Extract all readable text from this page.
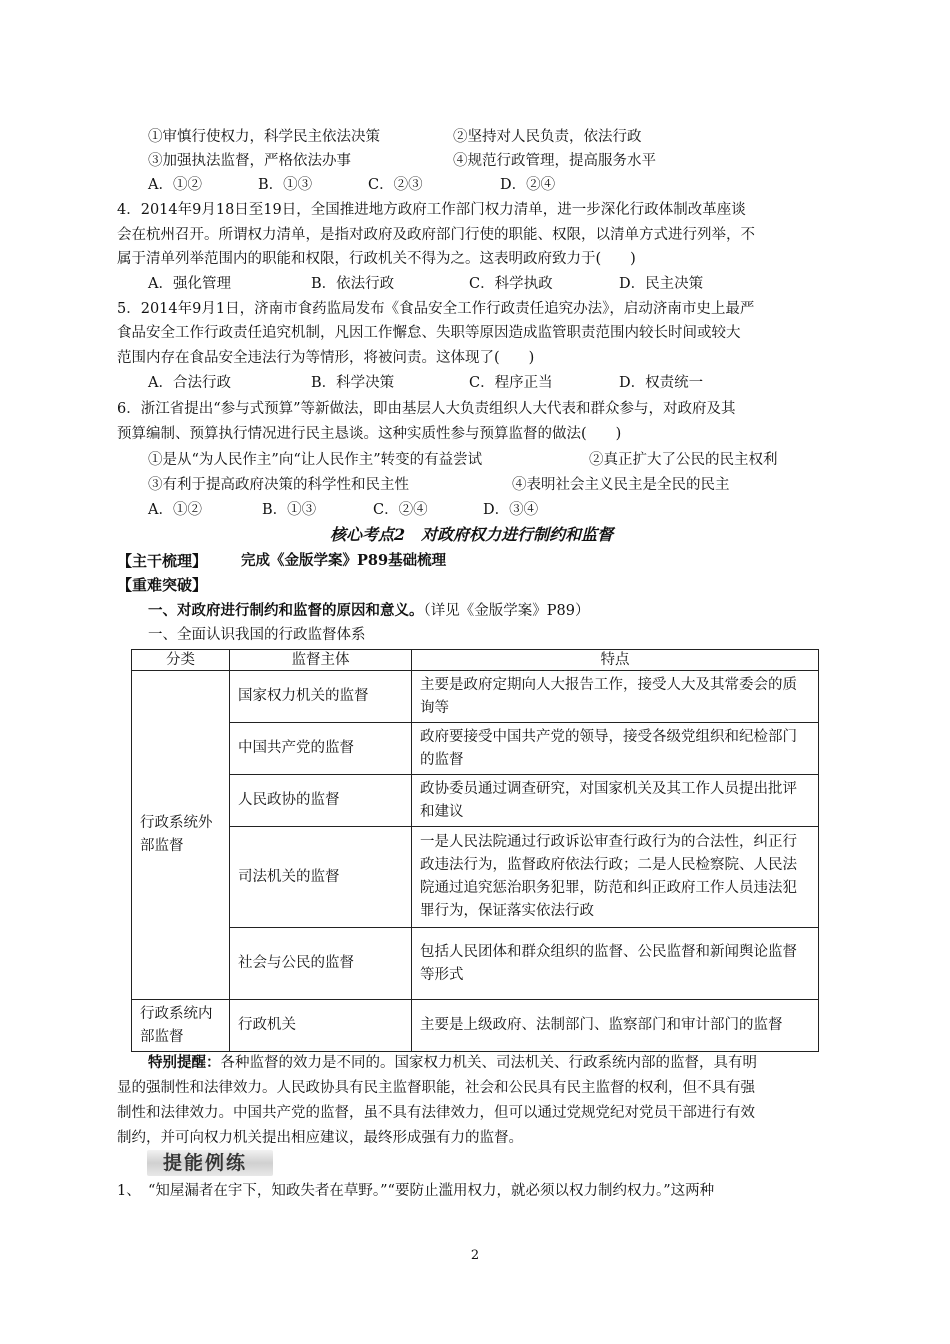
①审慎行使权力，科学民主依法决策	②坚持对人民负责，依法行政
③加强执法监督，严格依法办事	④规范行政管理，提高服务水平
A．①②	B．①③	C．②③	D．②④
4．2014年9月18日至19日，全国推进地方政府工作部门权力清单，进一步深化行政体制改革座谈
会在杭州召开。所谓权力清单，是指对政府及政府部门行使的职能、权限，以清单方式进行列举，不
属于清单列举范围内的职能和权限，行政机关不得为之。这表明政府致力于(　　)
A．强化管理	B．依法行政	C．科学执政	D．民主决策
5．2014年9月1日，济南市食药监局发布《食品安全工作行政责任追究办法》，启动济南市史上最严
食品安全工作行政责任追究机制，凡因工作懈怠、失职等原因造成监管职责范围内较长时间或较大
范围内存在食品安全违法行为等情形，将被问责。这体现了(　　)
A．合法行政	B．科学决策	C．程序正当	D．权责统一
6．浙江省提出“参与式预算”等新做法，即由基层人大负责组织人大代表和群众参与，对政府及其
预算编制、预算执行情况进行民主恳谈。这种实质性参与预算监督的做法(　　)
①是从“为人民作主”向“让人民作主”转变的有益尝试	②真正扩大了公民的民主权利
③有利于提高政府决策的科学性和民主性	④表明社会主义民主是全民的民主
A．①②	B．①③	C．②④	D．③④
核心考点2　对政府权力进行制约和监督
【主干梳理】 完成《金版学案》P89基础梳理
【重难突破】
一、对政府进行制约和监督的原因和意义。（详见《金版学案》P89）
一、全面认识我国的行政监督体系
分类	监督主体	特点
行政系统外部监督	国家权力机关的监督	主要是政府定期向人大报告工作，接受人大及其常委会的质询等
	中国共产党的监督	政府要接受中国共产党的领导，接受各级党组织和纪检部门的监督
	人民政协的监督	政协委员通过调查研究，对国家机关及其工作人员提出批评和建议
	司法机关的监督	一是人民法院通过行政诉讼审查行政行为的合法性，纠正行政违法行为，监督政府依法行政；二是人民检察院、人民法院通过追究惩治职务犯罪，防范和纠正政府工作人员违法犯罪行为，保证落实依法行政
	社会与公民的监督	包括人民团体和群众组织的监督、公民监督和新闻舆论监督等形式
行政系统内部监督	行政机关	主要是上级政府、法制部门、监察部门和审计部门的监督
特别提醒：各种监督的效力是不同的。国家权力机关、司法机关、行政系统内部的监督，具有明
显的强制性和法律效力。人民政协具有民主监督职能，社会和公民具有民主监督的权利，但不具有强
制性和法律效力。中国共产党的监督，虽不具有法律效力，但可以通过党规党纪对党员干部进行有效
制约，并可向权力机关提出相应建议，最终形成强有力的监督。
提能例练
1、　“知屋漏者在宇下，知政失者在草野。”“要防止滥用权力，就必须以权力制约权力。”这两种
2
